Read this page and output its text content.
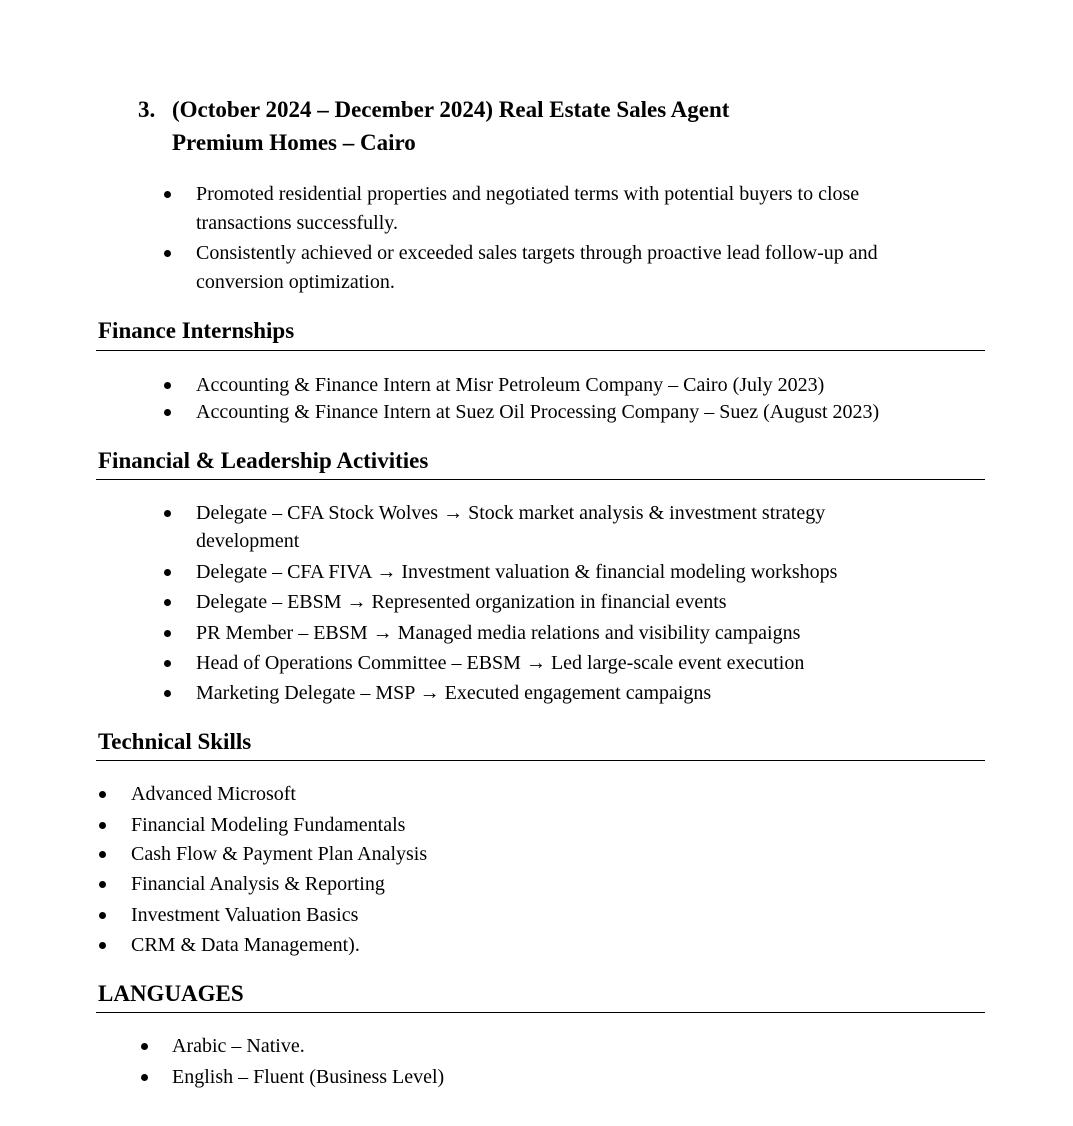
3. (October 2024 – December 2024) Real Estate Sales Agent
Premium Homes – Cairo
Promoted residential properties and negotiated terms with potential buyers to close
transactions successfully.
Consistently achieved or exceeded sales targets through proactive lead follow-up and
conversion optimization.
Finance Internships
Accounting & Finance Intern at Misr Petroleum Company – Cairo (July 2023)
Accounting & Finance Intern at Suez Oil Processing Company – Suez (August 2023)
Financial & Leadership Activities
Delegate – CFA Stock Wolves → Stock market analysis & investment strategy
development
Delegate – CFA FIVA → Investment valuation & financial modeling workshops
Delegate – EBSM → Represented organization in financial events
PR Member – EBSM → Managed media relations and visibility campaigns
Head of Operations Committee – EBSM → Led large-scale event execution
Marketing Delegate – MSP → Executed engagement campaigns
Technical Skills
Advanced Microsoft
Financial Modeling Fundamentals
Cash Flow & Payment Plan Analysis
Financial Analysis & Reporting
Investment Valuation Basics
CRM & Data Management).
LANGUAGES
Arabic – Native.
English – Fluent (Business Level)
